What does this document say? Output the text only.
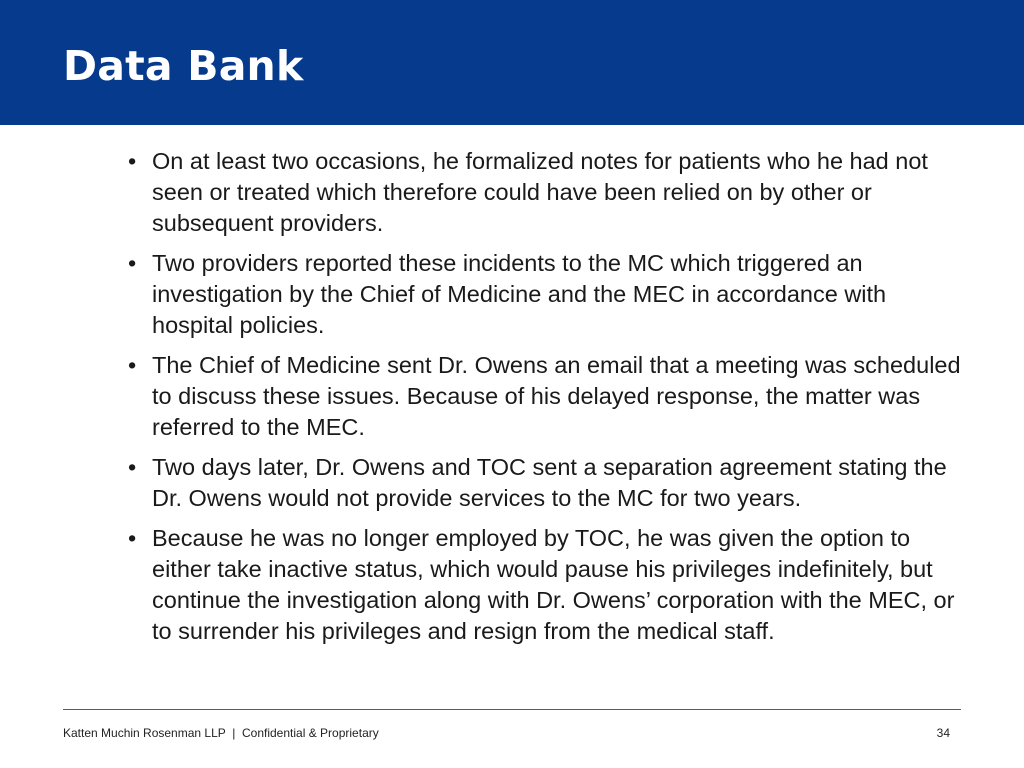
Data Bank
• On at least two occasions, he formalized notes for patients who he had not seen or treated which therefore could have been relied on by other or subsequent providers.
• Two providers reported these incidents to the MC which triggered an investigation by the Chief of Medicine and the MEC in accordance with hospital policies.
• The Chief of Medicine sent Dr. Owens an email that a meeting was scheduled to discuss these issues. Because of his delayed response, the matter was referred to the MEC.
• Two days later, Dr. Owens and TOC sent a separation agreement stating the Dr. Owens would not provide services to the MC for two years.
• Because he was no longer employed by TOC, he was given the option to either take inactive status, which would pause his privileges indefinitely, but continue the investigation along with Dr. Owens’ corporation with the MEC, or to surrender his privileges and resign from the medical staff.
Katten Muchin Rosenman LLP  |  Confidential & Proprietary	34
